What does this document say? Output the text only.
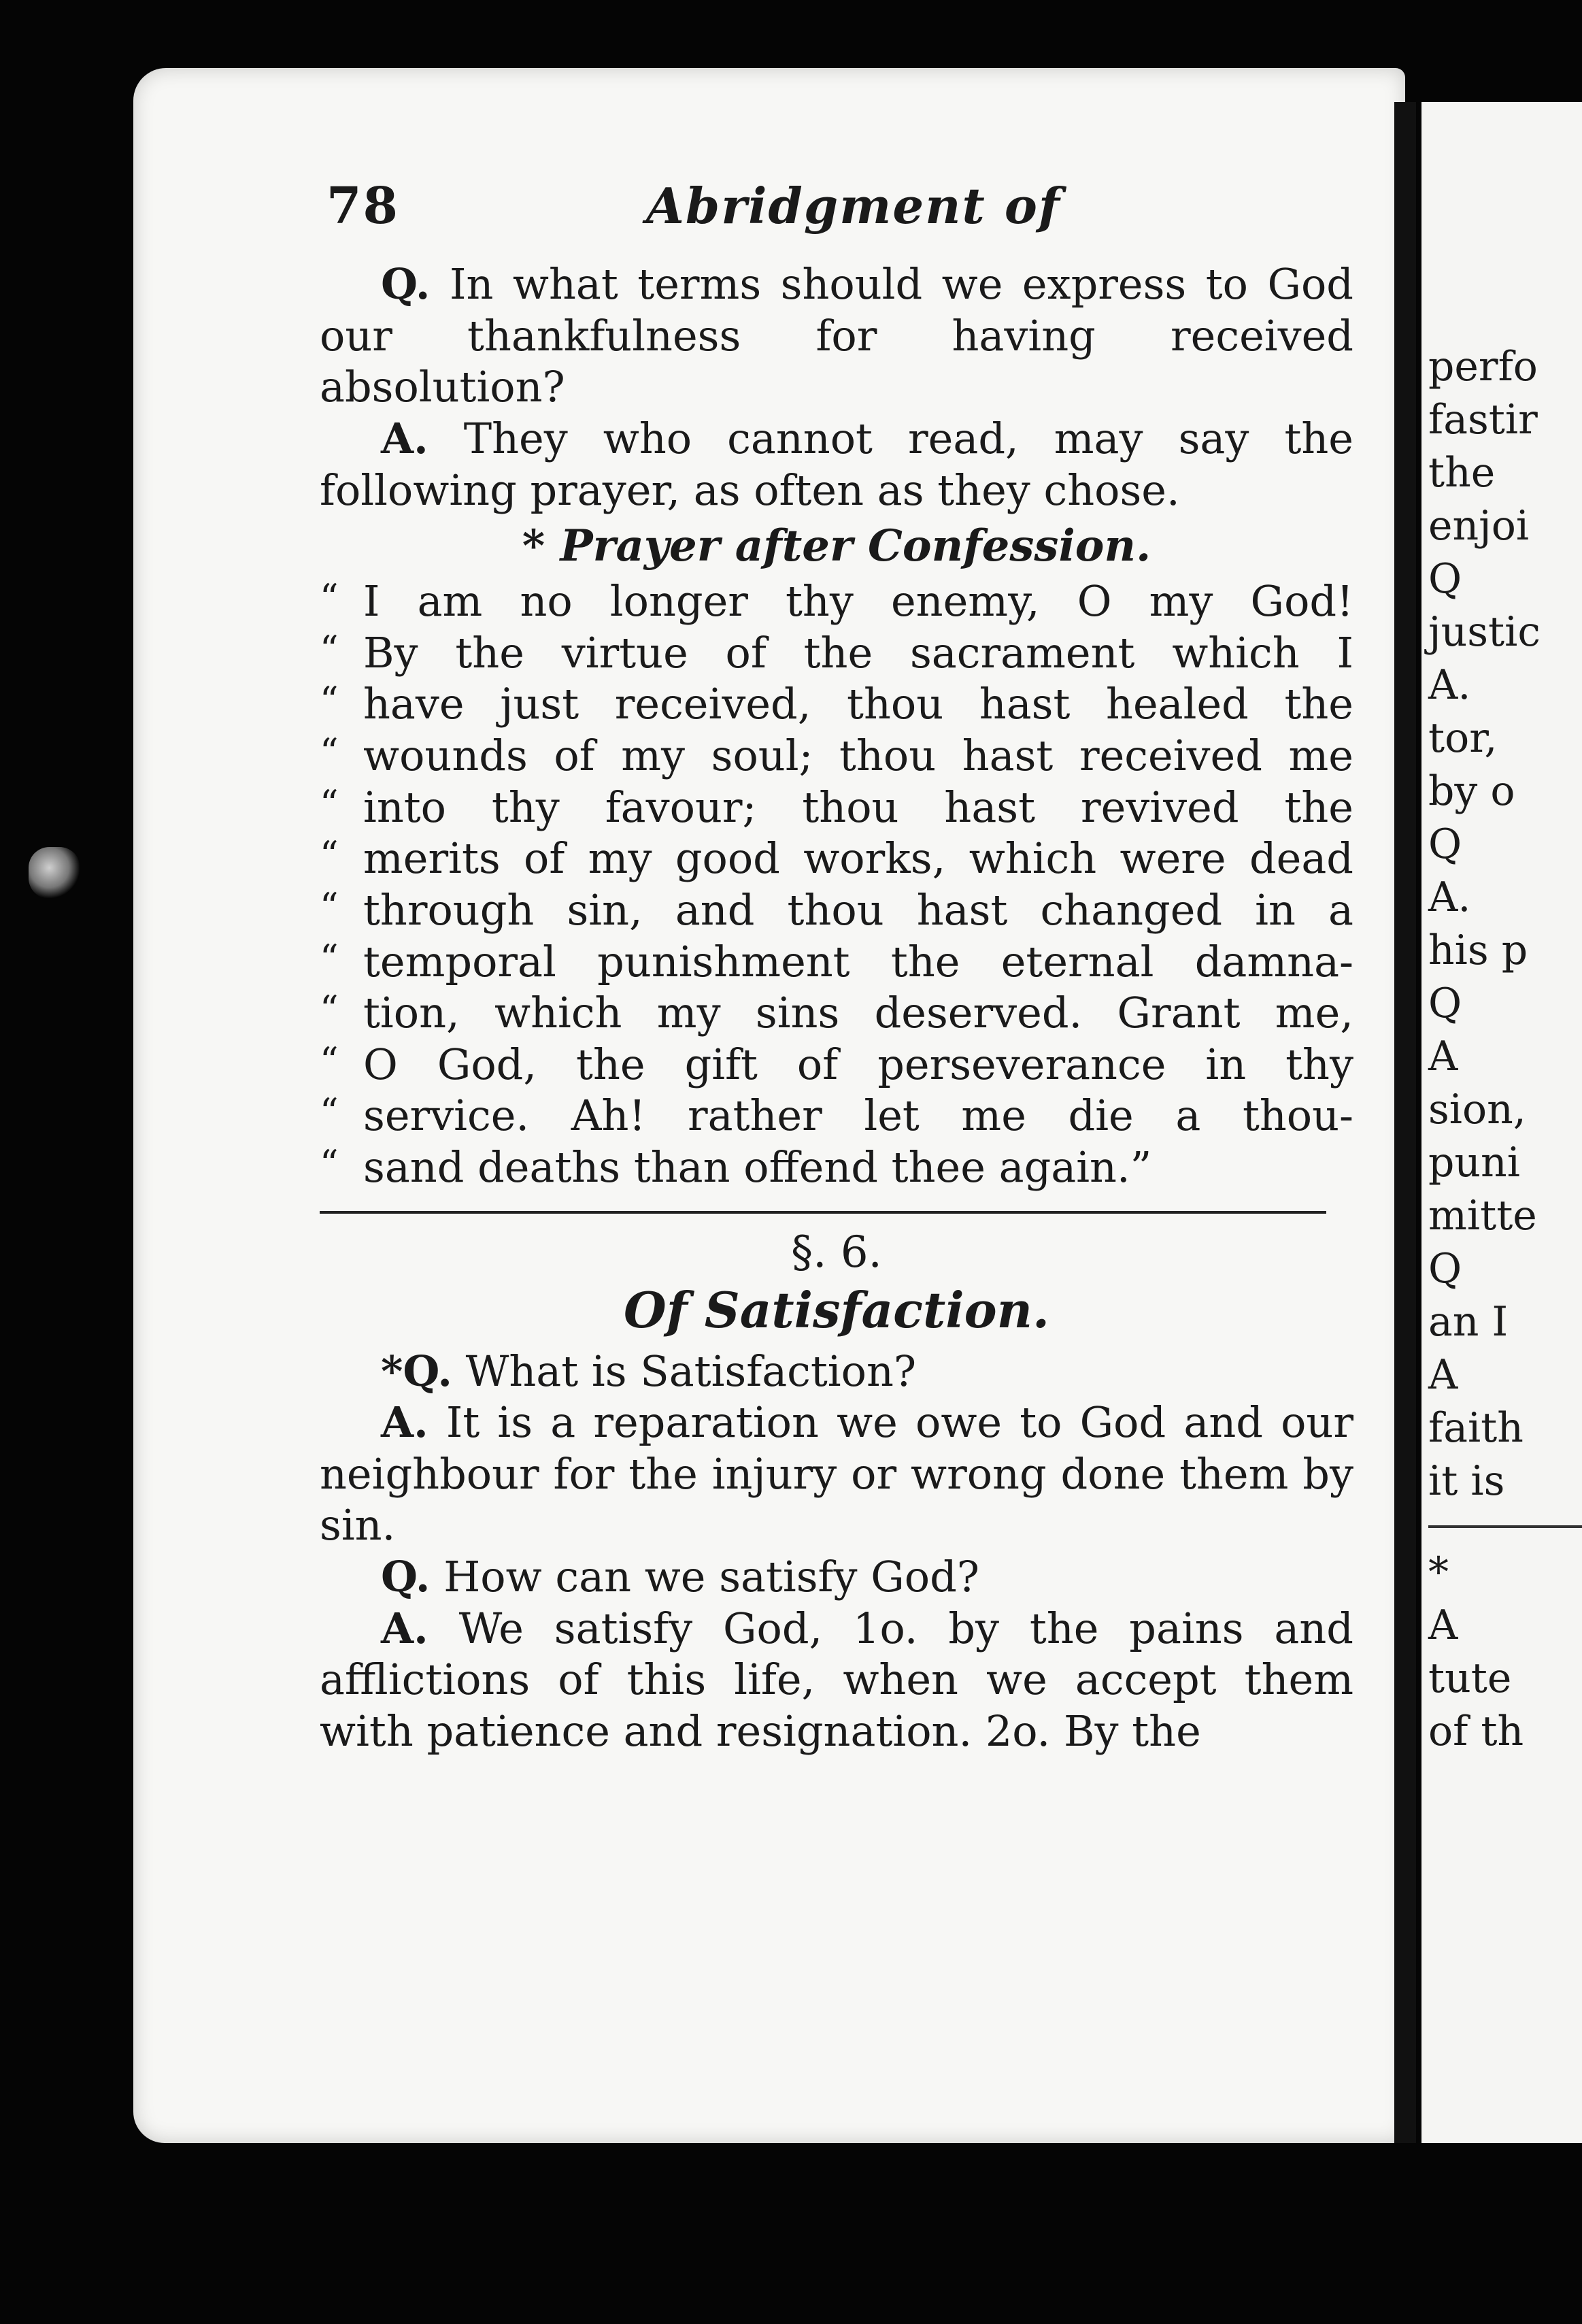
78	Abridgment of

Q. In what terms should we express to God our thankfulness for having received absolution?

A. They who cannot read, may say the following prayer, as often as they chose.

* Prayer after Confession.
“ I am no longer thy enemy, O my God!
“ By the virtue of the sacrament which I
“ have just received, thou hast healed the
“ wounds of my soul; thou hast received me
“ into thy favour; thou hast revived the
“ merits of my good works, which were dead
“ through sin, and thou hast changed in a
“ temporal punishment the eternal damna-
“ tion, which my sins deserved. Grant me,
“ O God, the gift of perseverance in thy
“ service. Ah! rather let me die a thou-
“ sand deaths than offend thee again.”
§. 6.
Of Satisfaction.

*Q. What is Satisfaction?

A. It is a reparation we owe to God and our neighbour for the injury or wrong done them by sin.

Q. How can we satisfy God?

A. We satisfy God, 1o. by the pains and afflictions of this life, when we accept them with patience and resignation. 2o. By the

perfo
fastir
the
enjoi
Q
justic
A.
tor,
by o
Q
A.
his p
Q
A
sion,
puni
mitte
Q
an I
A
faith
it is
*
A
tute
of th
